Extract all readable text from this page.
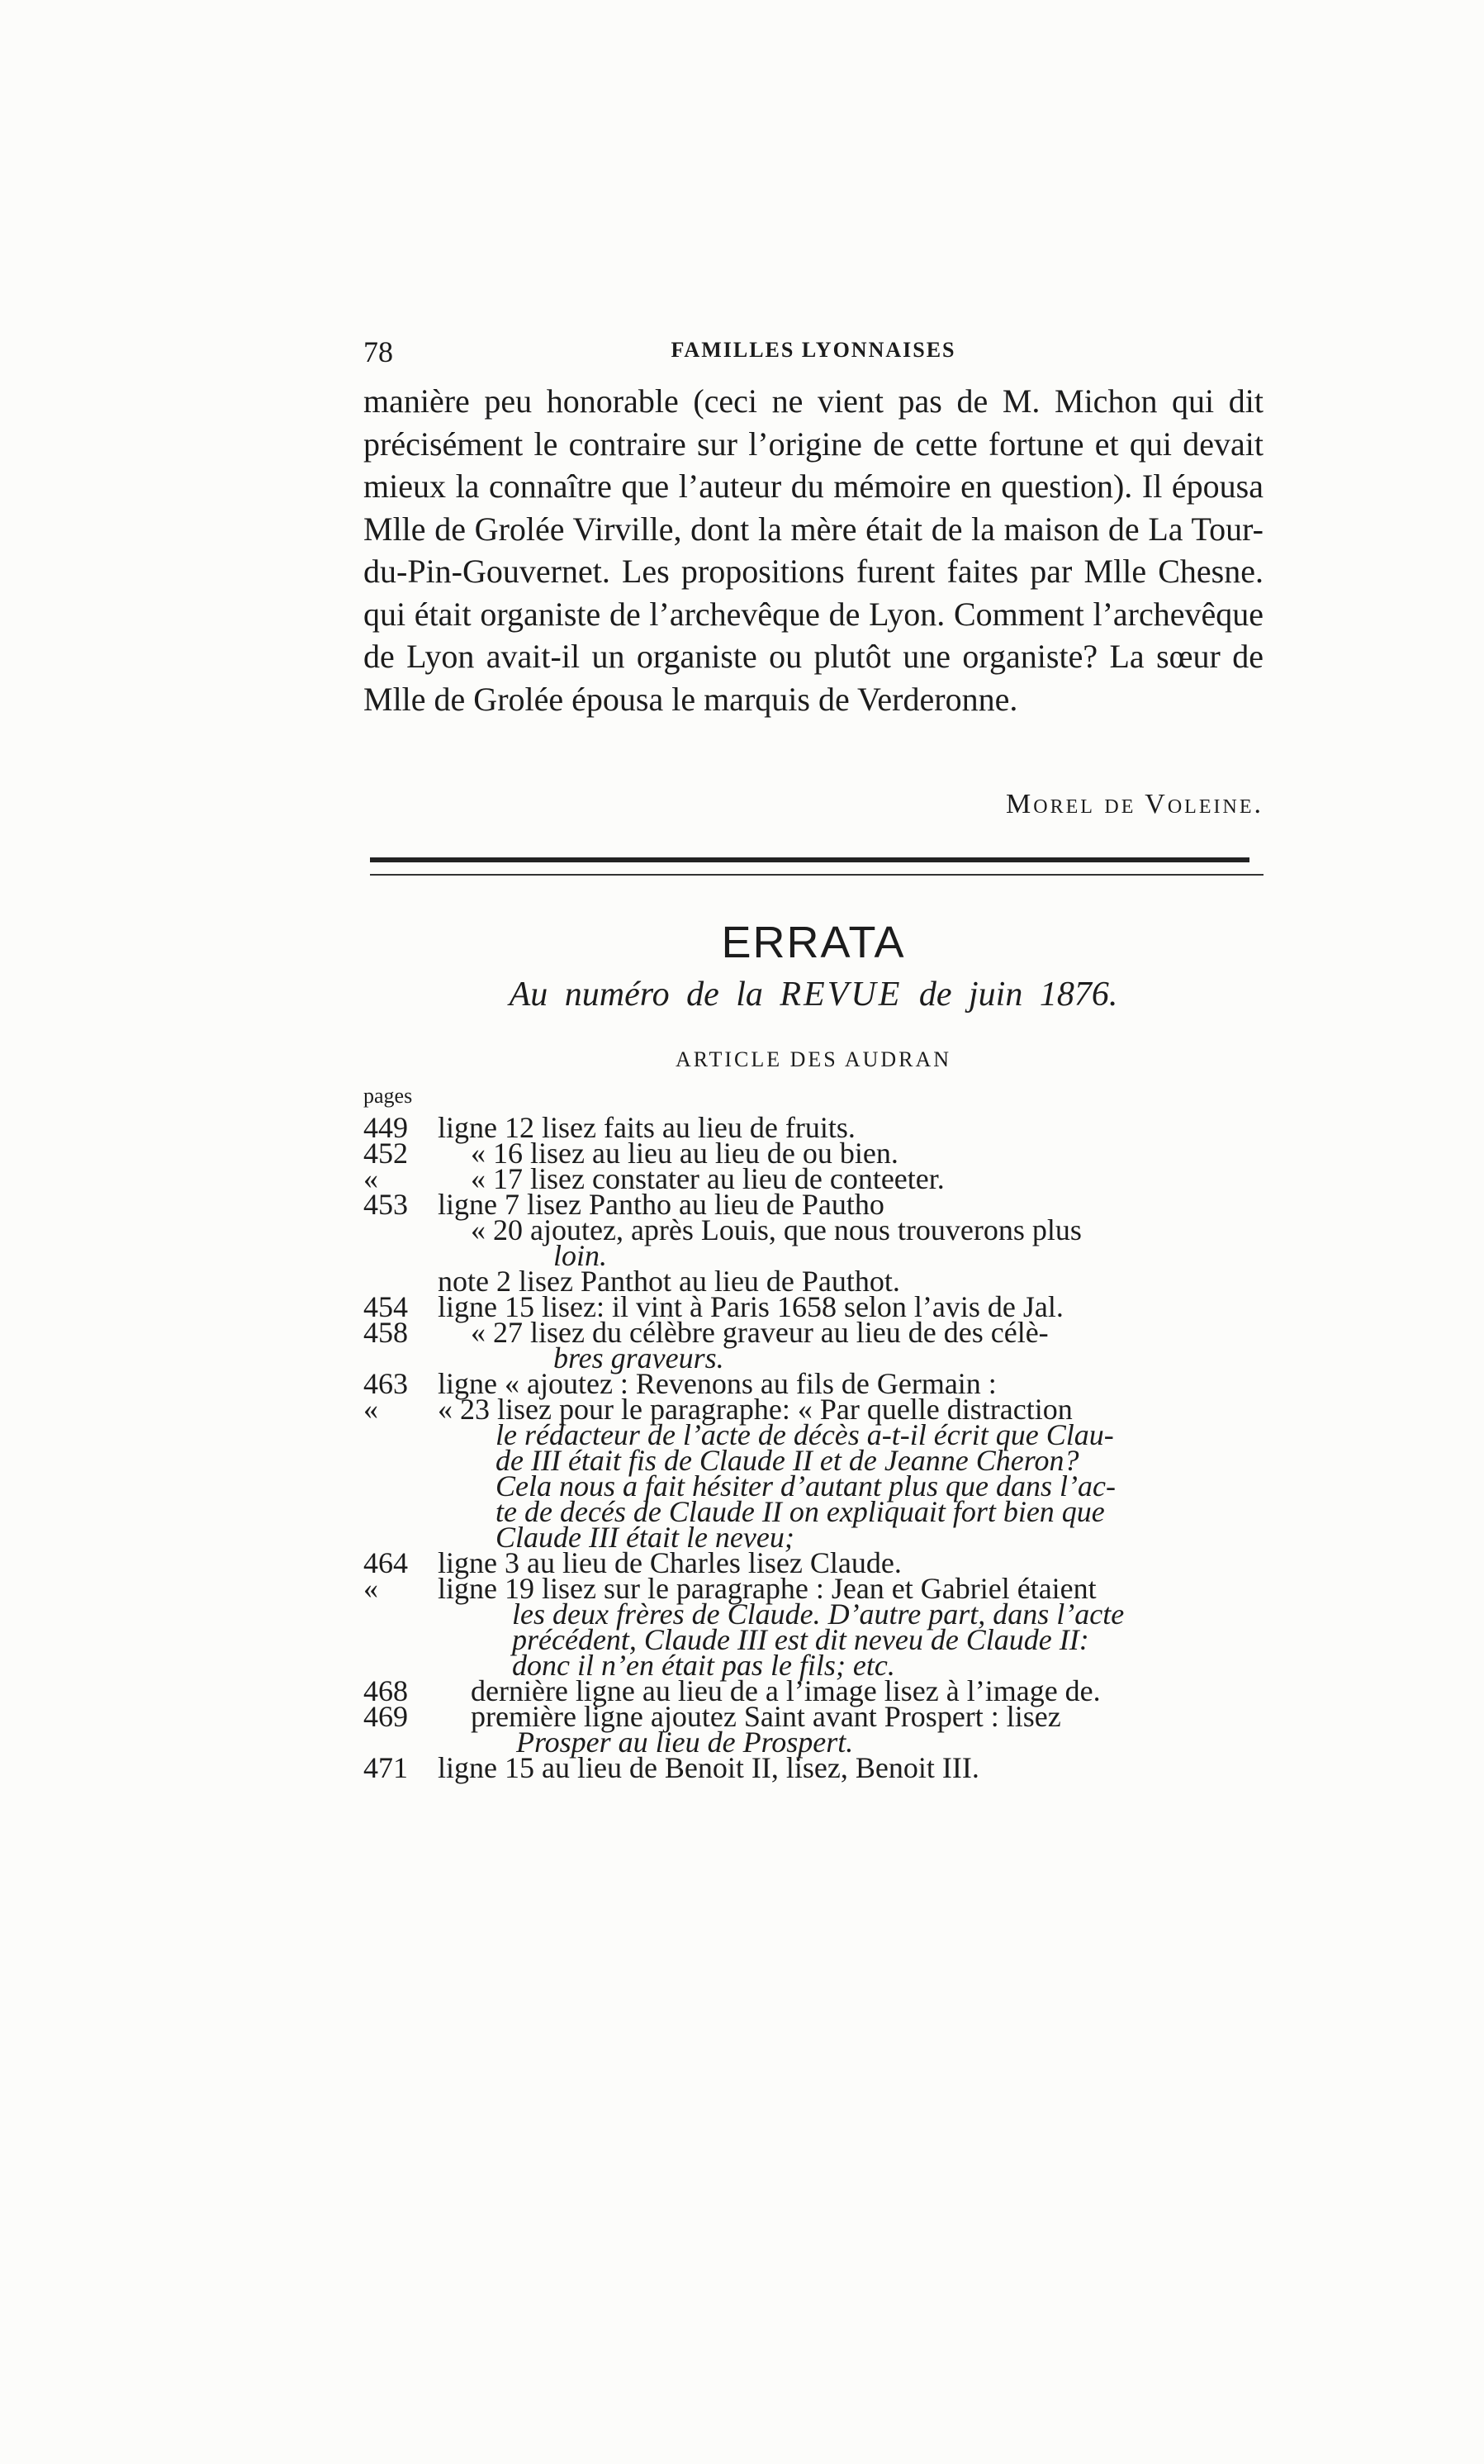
78	FAMILLES LYONNAISES

manière peu honorable (ceci ne vient pas de M. Michon qui dit précisément le contraire sur l’origine de cette fortune et qui devait mieux la connaître que l’auteur du mémoire en question). Il épousa Mlle de Grolée Virville, dont la mère était de la maison de La Tour-du-Pin-Gouvernet. Les propositions furent faites par Mlle Chesne. qui était organiste de l’archevêque de Lyon. Comment l’archevêque de Lyon avait-il un organiste ou plutôt une organiste? La sœur de Mlle de Grolée épousa le marquis de Verderonne.

Morel de Voleine.
ERRATA
Au numéro de la REVUE de juin 1876.
ARTICLE DES AUDRAN
pages
449	ligne 12 lisez faits au lieu de fruits.
452	« 16 lisez au lieu au lieu de ou bien.
«	« 17 lisez constater au lieu de conteeter.
453	ligne 7 lisez Pantho au lieu de Pautho
« 20 ajoutez, après Louis, que nous trouverons plus
loin.
note 2 lisez Panthot au lieu de Pauthot.
454	ligne 15 lisez: il vint à Paris 1658 selon l’avis de Jal.
458	« 27 lisez du célèbre graveur au lieu de des célè-
bres graveurs.
463	ligne « ajoutez : Revenons au fils de Germain :
«	« 23 lisez pour le paragraphe: « Par quelle distraction
le rédacteur de l’acte de décès a-t-il écrit que Clau-
de III était fis de Claude II et de Jeanne Cheron?
Cela nous a fait hésiter d’autant plus que dans l’ac-
te de decés de Claude II on expliquait fort bien que
Claude III était le neveu;
464	ligne 3 au lieu de Charles lisez Claude.
«	ligne 19 lisez sur le paragraphe : Jean et Gabriel étaient
les deux frères de Claude. D’autre part, dans l’acte
précédent, Claude III est dit neveu de Claude II:
donc il n’en était pas le fils; etc.
468	dernière ligne au lieu de a l’image lisez à l’image de.
469	première ligne ajoutez Saint avant Prospert : lisez
Prosper au lieu de Prospert.
471	ligne 15 au lieu de Benoit II, lisez, Benoit III.
